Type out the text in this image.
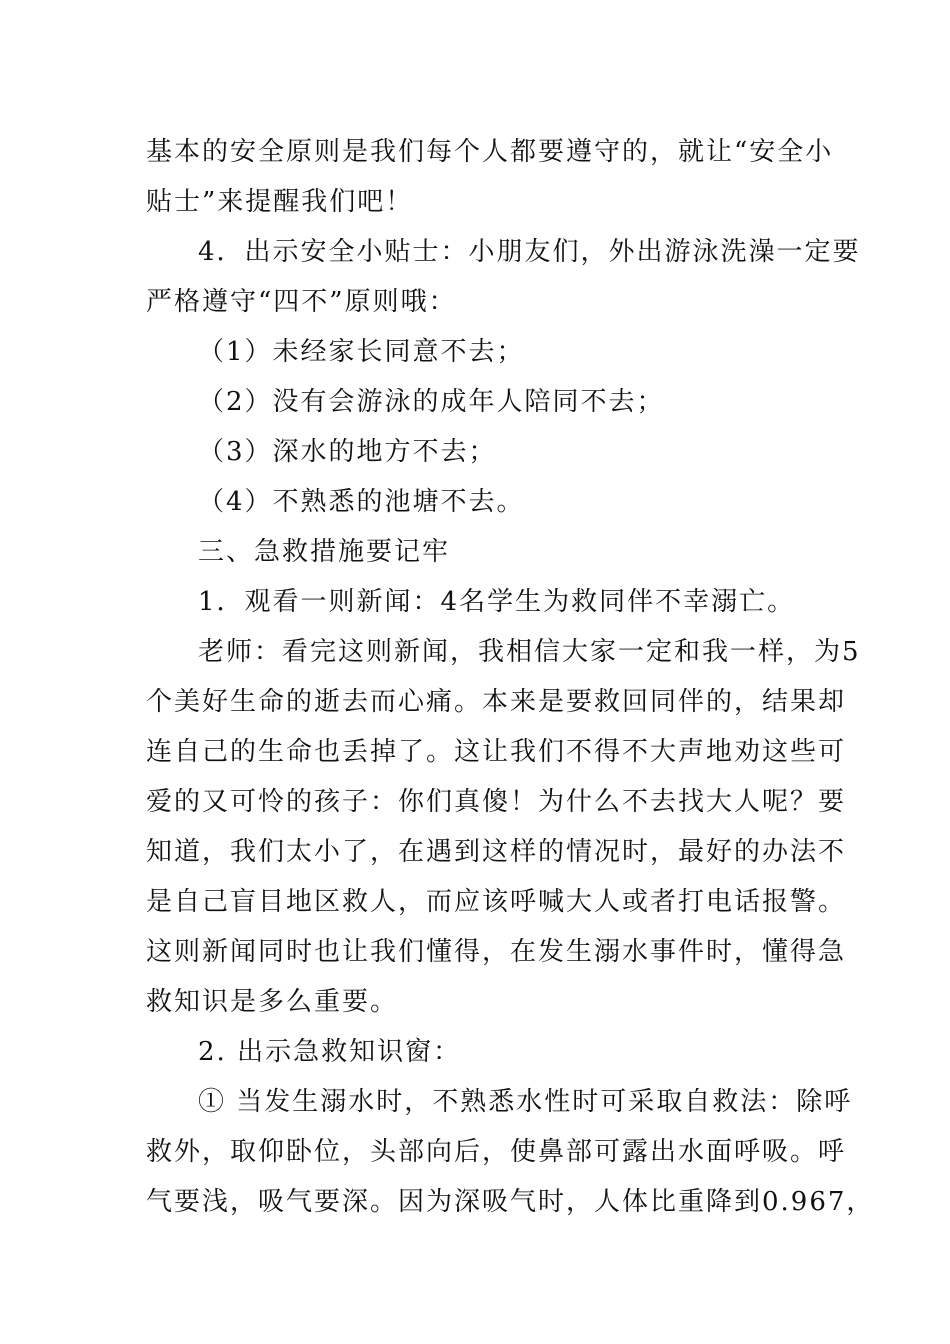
基本的安全原则是我们每个人都要遵守的，就让“安全小
贴士”来提醒我们吧！
4．出示安全小贴士：小朋友们，外出游泳洗澡一定要
严格遵守“四不”原则哦：
（1）未经家长同意不去；
（2）没有会游泳的成年人陪同不去；
（3）深水的地方不去；
（4）不熟悉的池塘不去。
三、急救措施要记牢
1．观看一则新闻：4名学生为救同伴不幸溺亡。
老师：看完这则新闻，我相信大家一定和我一样，为5
个美好生命的逝去而心痛。本来是要救回同伴的，结果却
连自己的生命也丢掉了。这让我们不得不大声地劝这些可
爱的又可怜的孩子：你们真傻！为什么不去找大人呢？要
知道，我们太小了，在遇到这样的情况时，最好的办法不
是自己盲目地区救人，而应该呼喊大人或者打电话报警。
这则新闻同时也让我们懂得，在发生溺水事件时，懂得急
救知识是多么重要。
2. 出示急救知识窗：
① 当发生溺水时，不熟悉水性时可采取自救法：除呼
救外，取仰卧位，头部向后，使鼻部可露出水面呼吸。呼
气要浅，吸气要深。因为深吸气时，人体比重降到0.967，
